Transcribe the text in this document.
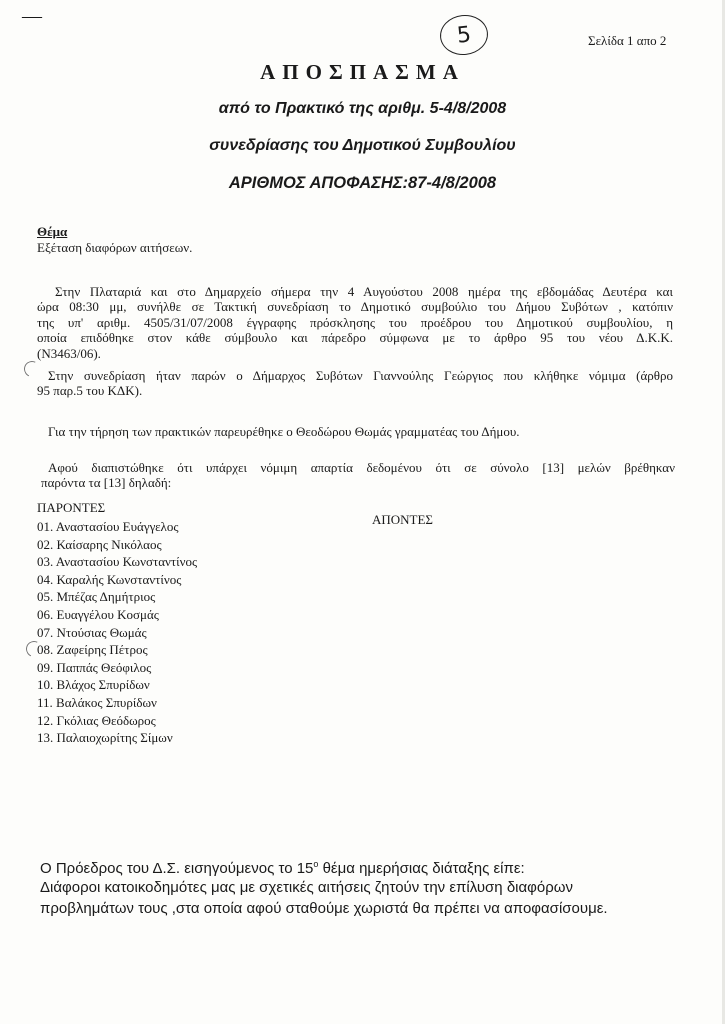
—
5	Σελίδα 1 απο 2
ΑΠΟΣΠΑΣΜΑ
από το Πρακτικό της αριθμ. 5-4/8/2008
συνεδρίασης του Δημοτικού Συμβουλίου
ΑΡΙΘΜΟΣ ΑΠΟΦΑΣΗΣ:87-4/8/2008
Θέμα
Εξέταση διαφόρων αιτήσεων.

Στην Πλαταριά και στο Δημαρχείο σήμερα την 4 Αυγούστου 2008 ημέρα της εβδομάδας Δευτέρα και

ώρα 08:30 μμ, συνήλθε σε Τακτική συνεδρίαση το Δημοτικό συμβούλιο του Δήμου Συβότων , κατόπιν

της υπ' αριθμ. 4505/31/07/2008 έγγραφης πρόσκλησης του προέδρου του Δημοτικού συμβουλίου, η

οποία επιδόθηκε στον κάθε σύμβουλο και πάρεδρο σύμφωνα με το άρθρο 95 του νέου Δ.Κ.Κ.

(Ν3463/06).

Στην συνεδρίαση ήταν παρών ο Δήμαρχος Συβότων Γιαννούλης Γεώργιος που κλήθηκε νόμιμα (άρθρο

95 παρ.5 του ΚΔΚ).

Για την τήρηση των πρακτικών παρευρέθηκε ο Θεοδώρου Θωμάς γραμματέας του Δήμου.

Αφού διαπιστώθηκε ότι υπάρχει νόμιμη απαρτία δεδομένου ότι σε σύνολο [13] μελών βρέθηκαν

παρόντα τα [13] δηλαδή:

ΠΑΡΟΝΤΕΣ
ΑΠΟΝΤΕΣ
01. Αναστασίου Ευάγγελος
02. Καίσαρης Νικόλαος
03. Αναστασίου Κωνσταντίνος
04. Καραλής Κωνσταντίνος
05. Μπέζας Δημήτριος
06. Ευαγγέλου Κοσμάς
07. Ντούσιας Θωμάς
08. Ζαφείρης Πέτρος
09. Παππάς Θεόφιλος
10. Βλάχος Σπυρίδων
11. Βαλάκος Σπυρίδων
12. Γκόλιας Θεόδωρος
13. Παλαιοχωρίτης Σίμων
Ο Πρόεδρος του Δ.Σ. εισηγούμενος το $15^o$ θέμα ημερήσιας διάταξης είπε:
Διάφοροι κατοικοδημότες μας με σχετικές αιτήσεις ζητούν την επίλυση διαφόρων
προβλημάτων τους ,στα οποία αφού σταθούμε χωριστά θα πρέπει να αποφασίσουμε.
